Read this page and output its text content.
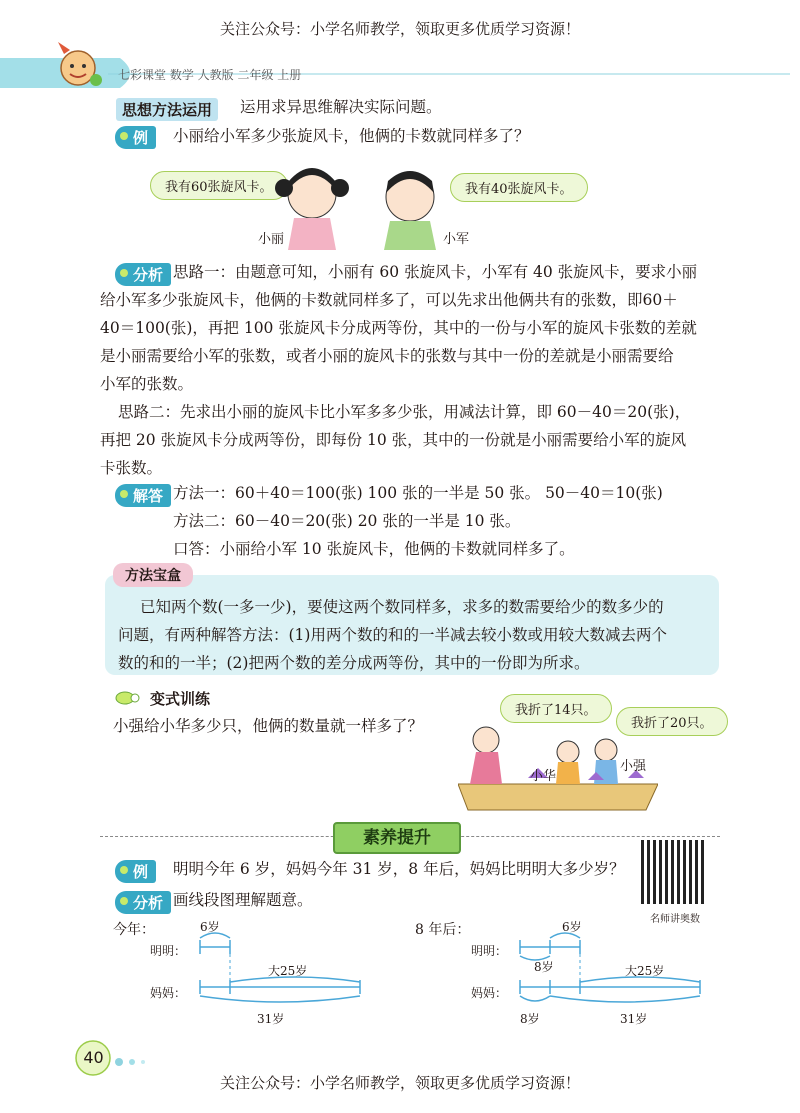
关注公众号：小学名师教学，领取更多优质学习资源！
七彩课堂 数学 人教版 二年级 上册
思想方法运用	运用求异思维解决实际问题。
例	小丽给小军多少张旋风卡，他俩的卡数就同样多了？
我有60张旋风卡。	我有40张旋风卡。
小丽	小军
分析 思路一：由题意可知，小丽有 60 张旋风卡，小军有 40 张旋风卡，要求小丽
给小军多少张旋风卡，他俩的卡数就同样多了，可以先求出他俩共有的张数，即60＋
40＝100(张)，再把 100 张旋风卡分成两等份，其中的一份与小军的旋风卡张数的差就
是小丽需要给小军的张数，或者小丽的旋风卡的张数与其中一份的差就是小丽需要给
小军的张数。
思路二：先求出小丽的旋风卡比小军多多少张，用减法计算，即 60－40＝20(张)，
再把 20 张旋风卡分成两等份，即每份 10 张，其中的一份就是小丽需要给小军的旋风
卡张数。
解答 方法一：60＋40＝100(张) 100 张的一半是 50 张。 50－40＝10(张)
方法二：60－40＝20(张) 20 张的一半是 10 张。
口答：小丽给小军 10 张旋风卡，他俩的卡数就同样多了。
方法宝盒
已知两个数(一多一少)，要使这两个数同样多，求多的数需要给少的数多少的
问题，有两种解答方法：(1)用两个数的和的一半减去较小数或用较大数减去两个
数的和的一半；(2)把两个数的差分成两等份，其中的一份即为所求。
变式训练
小强给小华多少只，他俩的数量就一样多了？
我折了14只。
我折了20只。
小华
小强
素养提升
例	明明今年 6 岁，妈妈今年 31 岁，8 年后，妈妈比明明大多少岁？
分析 画线段图理解题意。
名师讲奥数
今年：
明明：
妈妈：
6岁
大25岁
31岁
8 年后：
明明：
妈妈：
6岁
8岁	大25岁
8岁	31岁
40
关注公众号：小学名师教学，领取更多优质学习资源！
